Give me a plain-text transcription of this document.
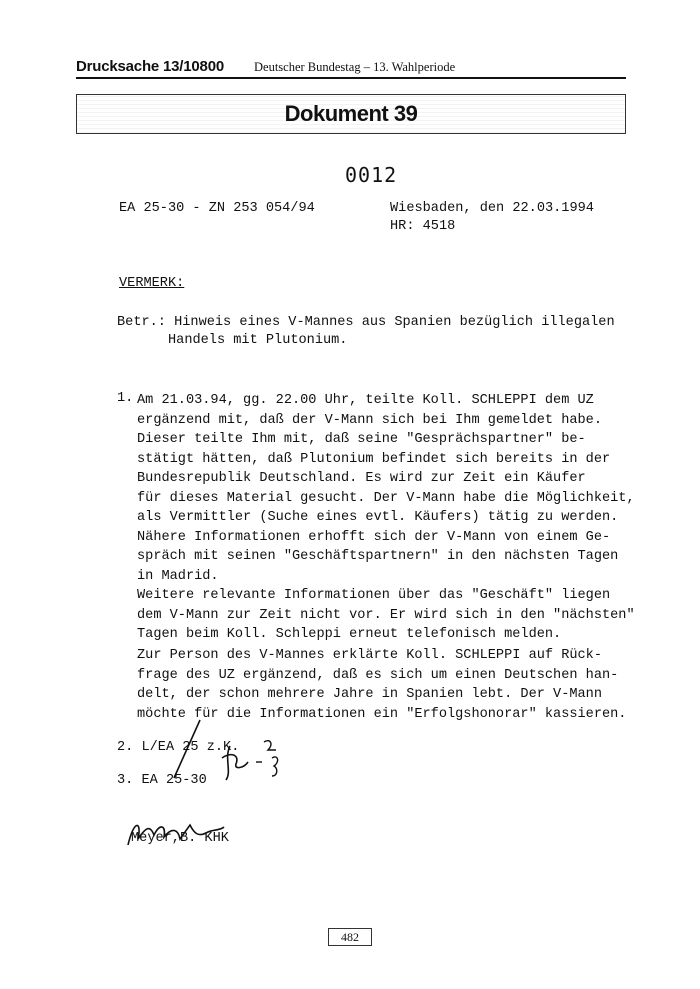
Drucksache 13/10800 Deutscher Bundestag – 13. Wahlperiode
Dokument 39
0012
EA 25-30 - ZN 253 054/94	Wiesbaden, den 22.03.1994
HR: 4518
VERMERK:
Betr.: Hinweis eines V-Mannes aus Spanien bezüglich illegalen
Handels mit Plutonium.
1. Am 21.03.94, gg. 22.00 Uhr, teilte Koll. SCHLEPPI dem UZ
ergänzend mit, daß der V-Mann sich bei Ihm gemeldet habe.
Dieser teilte Ihm mit, daß seine "Gesprächspartner" be-
stätigt hätten, daß Plutonium befindet sich bereits in der
Bundesrepublik Deutschland. Es wird zur Zeit ein Käufer
für dieses Material gesucht. Der V-Mann habe die Möglichkeit,
als Vermittler (Suche eines evtl. Käufers) tätig zu werden.
Nähere Informationen erhofft sich der V-Mann von einem Ge-
spräch mit seinen "Geschäftspartnern" in den nächsten Tagen
in Madrid.
Weitere relevante Informationen über das "Geschäft" liegen
dem V-Mann zur Zeit nicht vor. Er wird sich in den "nächsten"
Tagen beim Koll. Schleppi erneut telefonisch melden.
Zur Person des V-Mannes erklärte Koll. SCHLEPPI auf Rück-
frage des UZ ergänzend, daß es sich um einen Deutschen han-
delt, der schon mehrere Jahre in Spanien lebt. Der V-Mann
möchte für die Informationen ein "Erfolgshonorar" kassieren.
2. L/EA 25 z.K.
3. EA 25-30
Meyer,B. KHK
482
